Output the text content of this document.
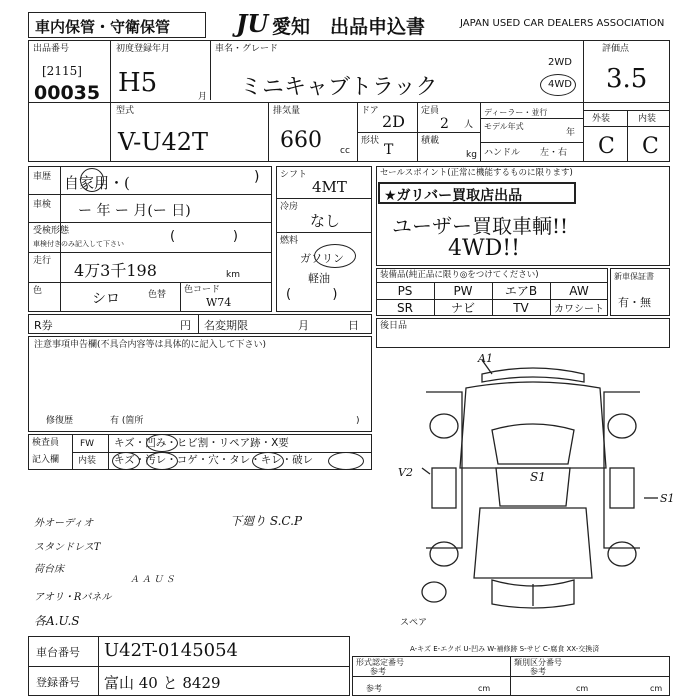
車内保管・守衛保管	JU 愛知 出品申込書	JAPAN USED CAR DEALERS ASSOCIATION
出品番号
[2115]
00035
初度登録年月
H5	月
車名・グレード
ミニキャブトラック
2WD
4WD
評価点
3.5
型式
V-U42T
排気量
660 cc
ドア
2D
形状
T
定員
2 人
積載
kg
ディーラー・並行
モデル年式
年
ハンドル 左・右
外装	内装
C C
車歴 自家用・(	)
車検 ー 年 ー 月(ー 日)
受検形態
車検付きのみ記入して下さい	(              )
走行 4万3千198	km
色	シロ	色替 色コード
W74
シフト
4MT
冷房
なし
燃料
ガソリン
軽油
(          )
セールスポイント(正常に機能するものに限ります)
★ガリバー買取店出品
ユーザー買取車輌!!
4WD!!
装備品(純正品に限り◎をつけてください)
PS	PW	エアB	AW
SR	ナビ	TV	カワシート
新車保証書
有・無
R券	円 名変期限	月	日
注意事項申告欄(不具合内容等は具体的に記入して下さい)
修復歴	有 (箇所	)
後日品
検査員
記入欄
FW キズ・凹み・ヒビ割・リペア跡・X要
内装 キズ・汚レ・コゲ・穴・タレ・キレ・破レ
外オーディオ	下廻り S.C.P
スタンドレスT
荷台床
Ａ Ａ Ｕ Ｓ
アオリ・Rパネル
各A.U.S
A1
S1
S1
V2
スペア
A-キズ E-エクボ U-凹み W-補修跡 S-サビ C-腐食 XX-交換済
車台番号 U42T-0145054
登録番号 富山 40 と 8429
形式認定番号
参考
類別区分番号
参考
参考	cm	cm	cm
